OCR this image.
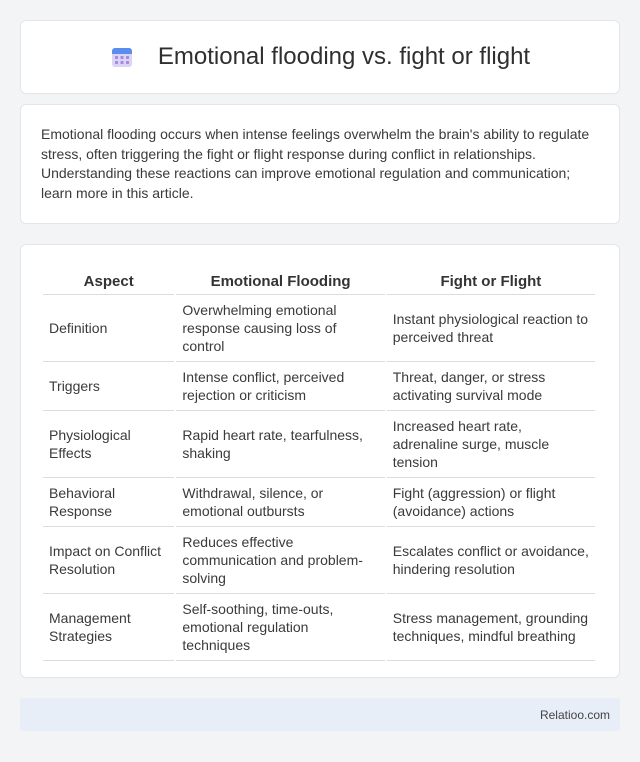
Emotional flooding vs. fight or flight

Emotional flooding occurs when intense feelings overwhelm the brain's ability to regulate stress, often triggering the fight or flight response during conflict in relationships. Understanding these reactions can improve emotional regulation and communication; learn more in this article.

Aspect	Emotional Flooding	Fight or Flight
Definition	Overwhelming emotional response causing loss of control	Instant physiological reaction to perceived threat
Triggers	Intense conflict, perceived rejection or criticism	Threat, danger, or stress activating survival mode
Physiological Effects	Rapid heart rate, tearfulness, shaking	Increased heart rate, adrenaline surge, muscle tension
Behavioral Response	Withdrawal, silence, or emotional outbursts	Fight (aggression) or flight (avoidance) actions
Impact on Conflict Resolution	Reduces effective communication and problem-solving	Escalates conflict or avoidance, hindering resolution
Management Strategies	Self-soothing, time-outs, emotional regulation techniques	Stress management, grounding techniques, mindful breathing
Relatioo.com
